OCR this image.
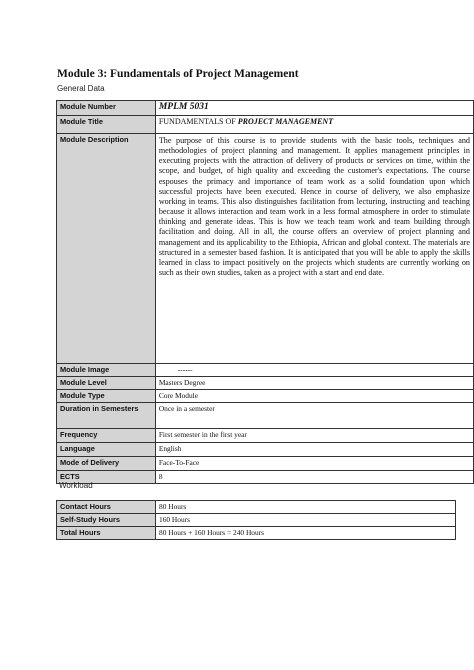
Module 3: Fundamentals of Project Management
General Data
Module Number	MPLM 5031
Module Title	FUNDAMENTALS OF PROJECT MANAGEMENT
Module Description	The purpose of this course is to provide students with the basic tools, techniques and methodologies of project planning and management. It applies management principles in executing projects with the attraction of delivery of products or services on time, within the scope, and budget, of high quality and exceeding the customer's expectations. The course espouses the primacy and importance of team work as a solid foundation upon which successful projects have been executed. Hence in course of delivery, we also emphasize working in teams. This also distinguishes facilitation from lecturing, instructing and teaching because it allows interaction and team work in a less formal atmosphere in order to stimulate thinking and generate ideas. This is how we teach team work and team building through facilitation and doing. All in all, the course offers an overview of project planning and management and its applicability to the Ethiopia, African and global context. The materials are structured in a semester based fashion. It is anticipated that you will be able to apply the skills learned in class to impact positively on the projects which students are currently working on such as their own studies, taken as a project with a start and end date.
Module Image	------
Module Level	Masters Degree
Module Type	Core Module
Duration in Semesters	Once in a semester
Frequency	First semester in the first year
Language	English
Mode of Delivery	Face-To-Face
ECTS	8
Workload
Contact Hours	80 Hours
Self-Study Hours	160 Hours
Total Hours	80 Hours + 160 Hours = 240 Hours
